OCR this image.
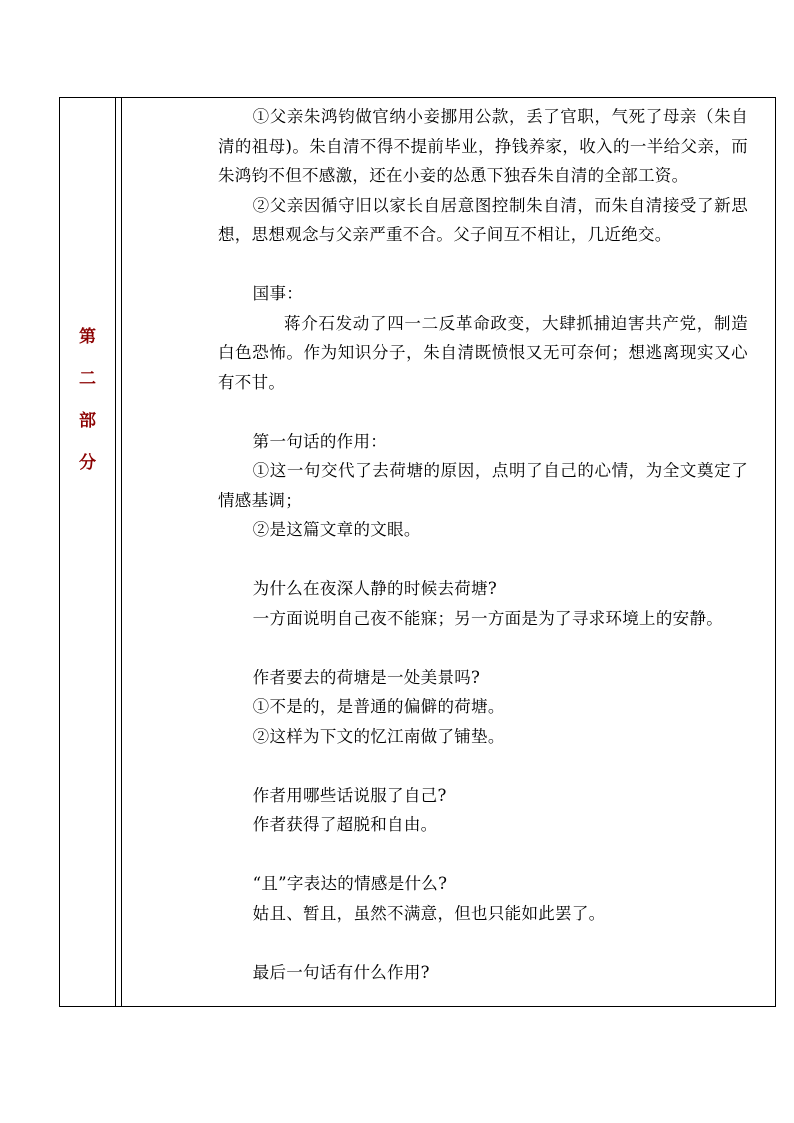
第
二
部
分

①父亲朱鸿钧做官纳小妾挪用公款，丢了官职，气死了母亲（朱自清的祖母)。朱自清不得不提前毕业，挣钱养家，收入的一半给父亲，而朱鸿钧不但不感激，还在小妾的怂恿下独吞朱自清的全部工资。

②父亲因循守旧以家长自居意图控制朱自清，而朱自清接受了新思想，思想观念与父亲严重不合。父子间互不相让，几近绝交。

国事：

蒋介石发动了四一二反革命政变，大肆抓捕迫害共产党，制造白色恐怖。作为知识分子，朱自清既愤恨又无可奈何；想逃离现实又心有不甘。

第一句话的作用：

①这一句交代了去荷塘的原因，点明了自己的心情，为全文奠定了情感基调；

②是这篇文章的文眼。

为什么在夜深人静的时候去荷塘?

一方面说明自己夜不能寐；另一方面是为了寻求环境上的安静。

作者要去的荷塘是一处美景吗?

①不是的，是普通的偏僻的荷塘。

②这样为下文的忆江南做了铺垫。

作者用哪些话说服了自己?

作者获得了超脱和自由。

“且”字表达的情感是什么?

姑且、暂且，虽然不满意，但也只能如此罢了。

最后一句话有什么作用?
